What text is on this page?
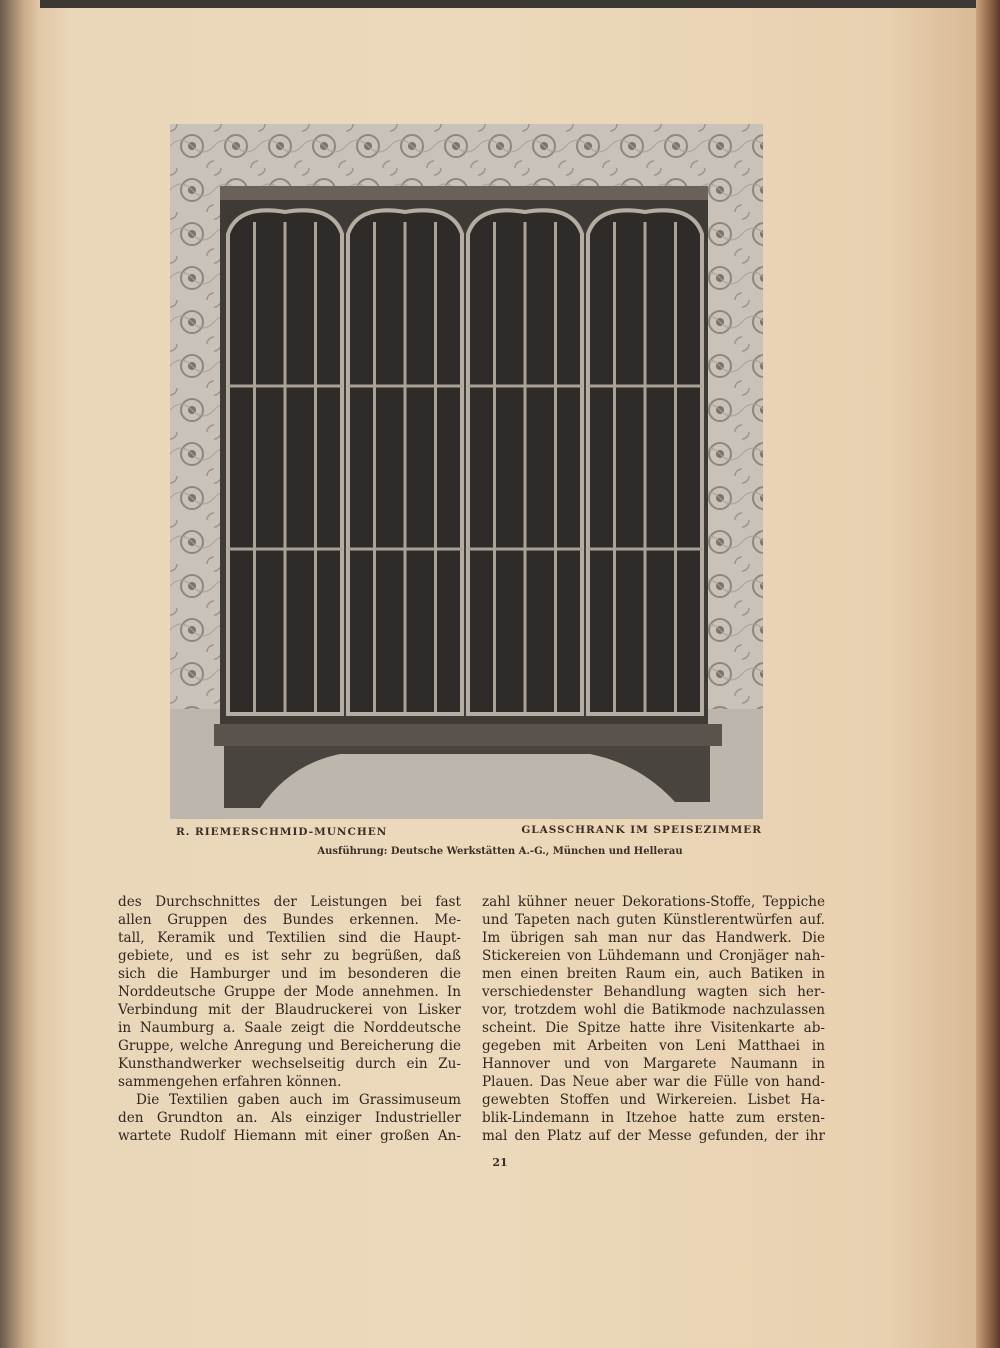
R. RIEMERSCHMID-MUNCHEN	GLASSCHRANK IM SPEISEZIMMER
Ausführung: Deutsche Werkstätten A.-G., München und Hellerau
des Durchschnittes der Leistungen bei fast
allen Gruppen des Bundes erkennen. Me-
tall, Keramik und Textilien sind die Haupt-
gebiete, und es ist sehr zu begrüßen, daß
sich die Hamburger und im besonderen die
Norddeutsche Gruppe der Mode annehmen. In
Verbindung mit der Blaudruckerei von Lisker
in Naumburg a. Saale zeigt die Norddeutsche
Gruppe, welche Anregung und Bereicherung die
Kunsthandwerker wechselseitig durch ein Zu-
sammengehen erfahren können.
Die Textilien gaben auch im Grassimuseum
den Grundton an. Als einziger Industrieller
wartete Rudolf Hiemann mit einer großen An-
zahl kühner neuer Dekorations-Stoffe, Teppiche
und Tapeten nach guten Künstlerentwürfen auf.
Im übrigen sah man nur das Handwerk. Die
Stickereien von Lühdemann und Cronjäger nah-
men einen breiten Raum ein, auch Batiken in
verschiedenster Behandlung wagten sich her-
vor, trotzdem wohl die Batikmode nachzulassen
scheint. Die Spitze hatte ihre Visitenkarte ab-
gegeben mit Arbeiten von Leni Matthaei in
Hannover und von Margarete Naumann in
Plauen. Das Neue aber war die Fülle von hand-
gewebten Stoffen und Wirkereien. Lisbet Ha-
blik-Lindemann in Itzehoe hatte zum ersten-
mal den Platz auf der Messe gefunden, der ihr
21
